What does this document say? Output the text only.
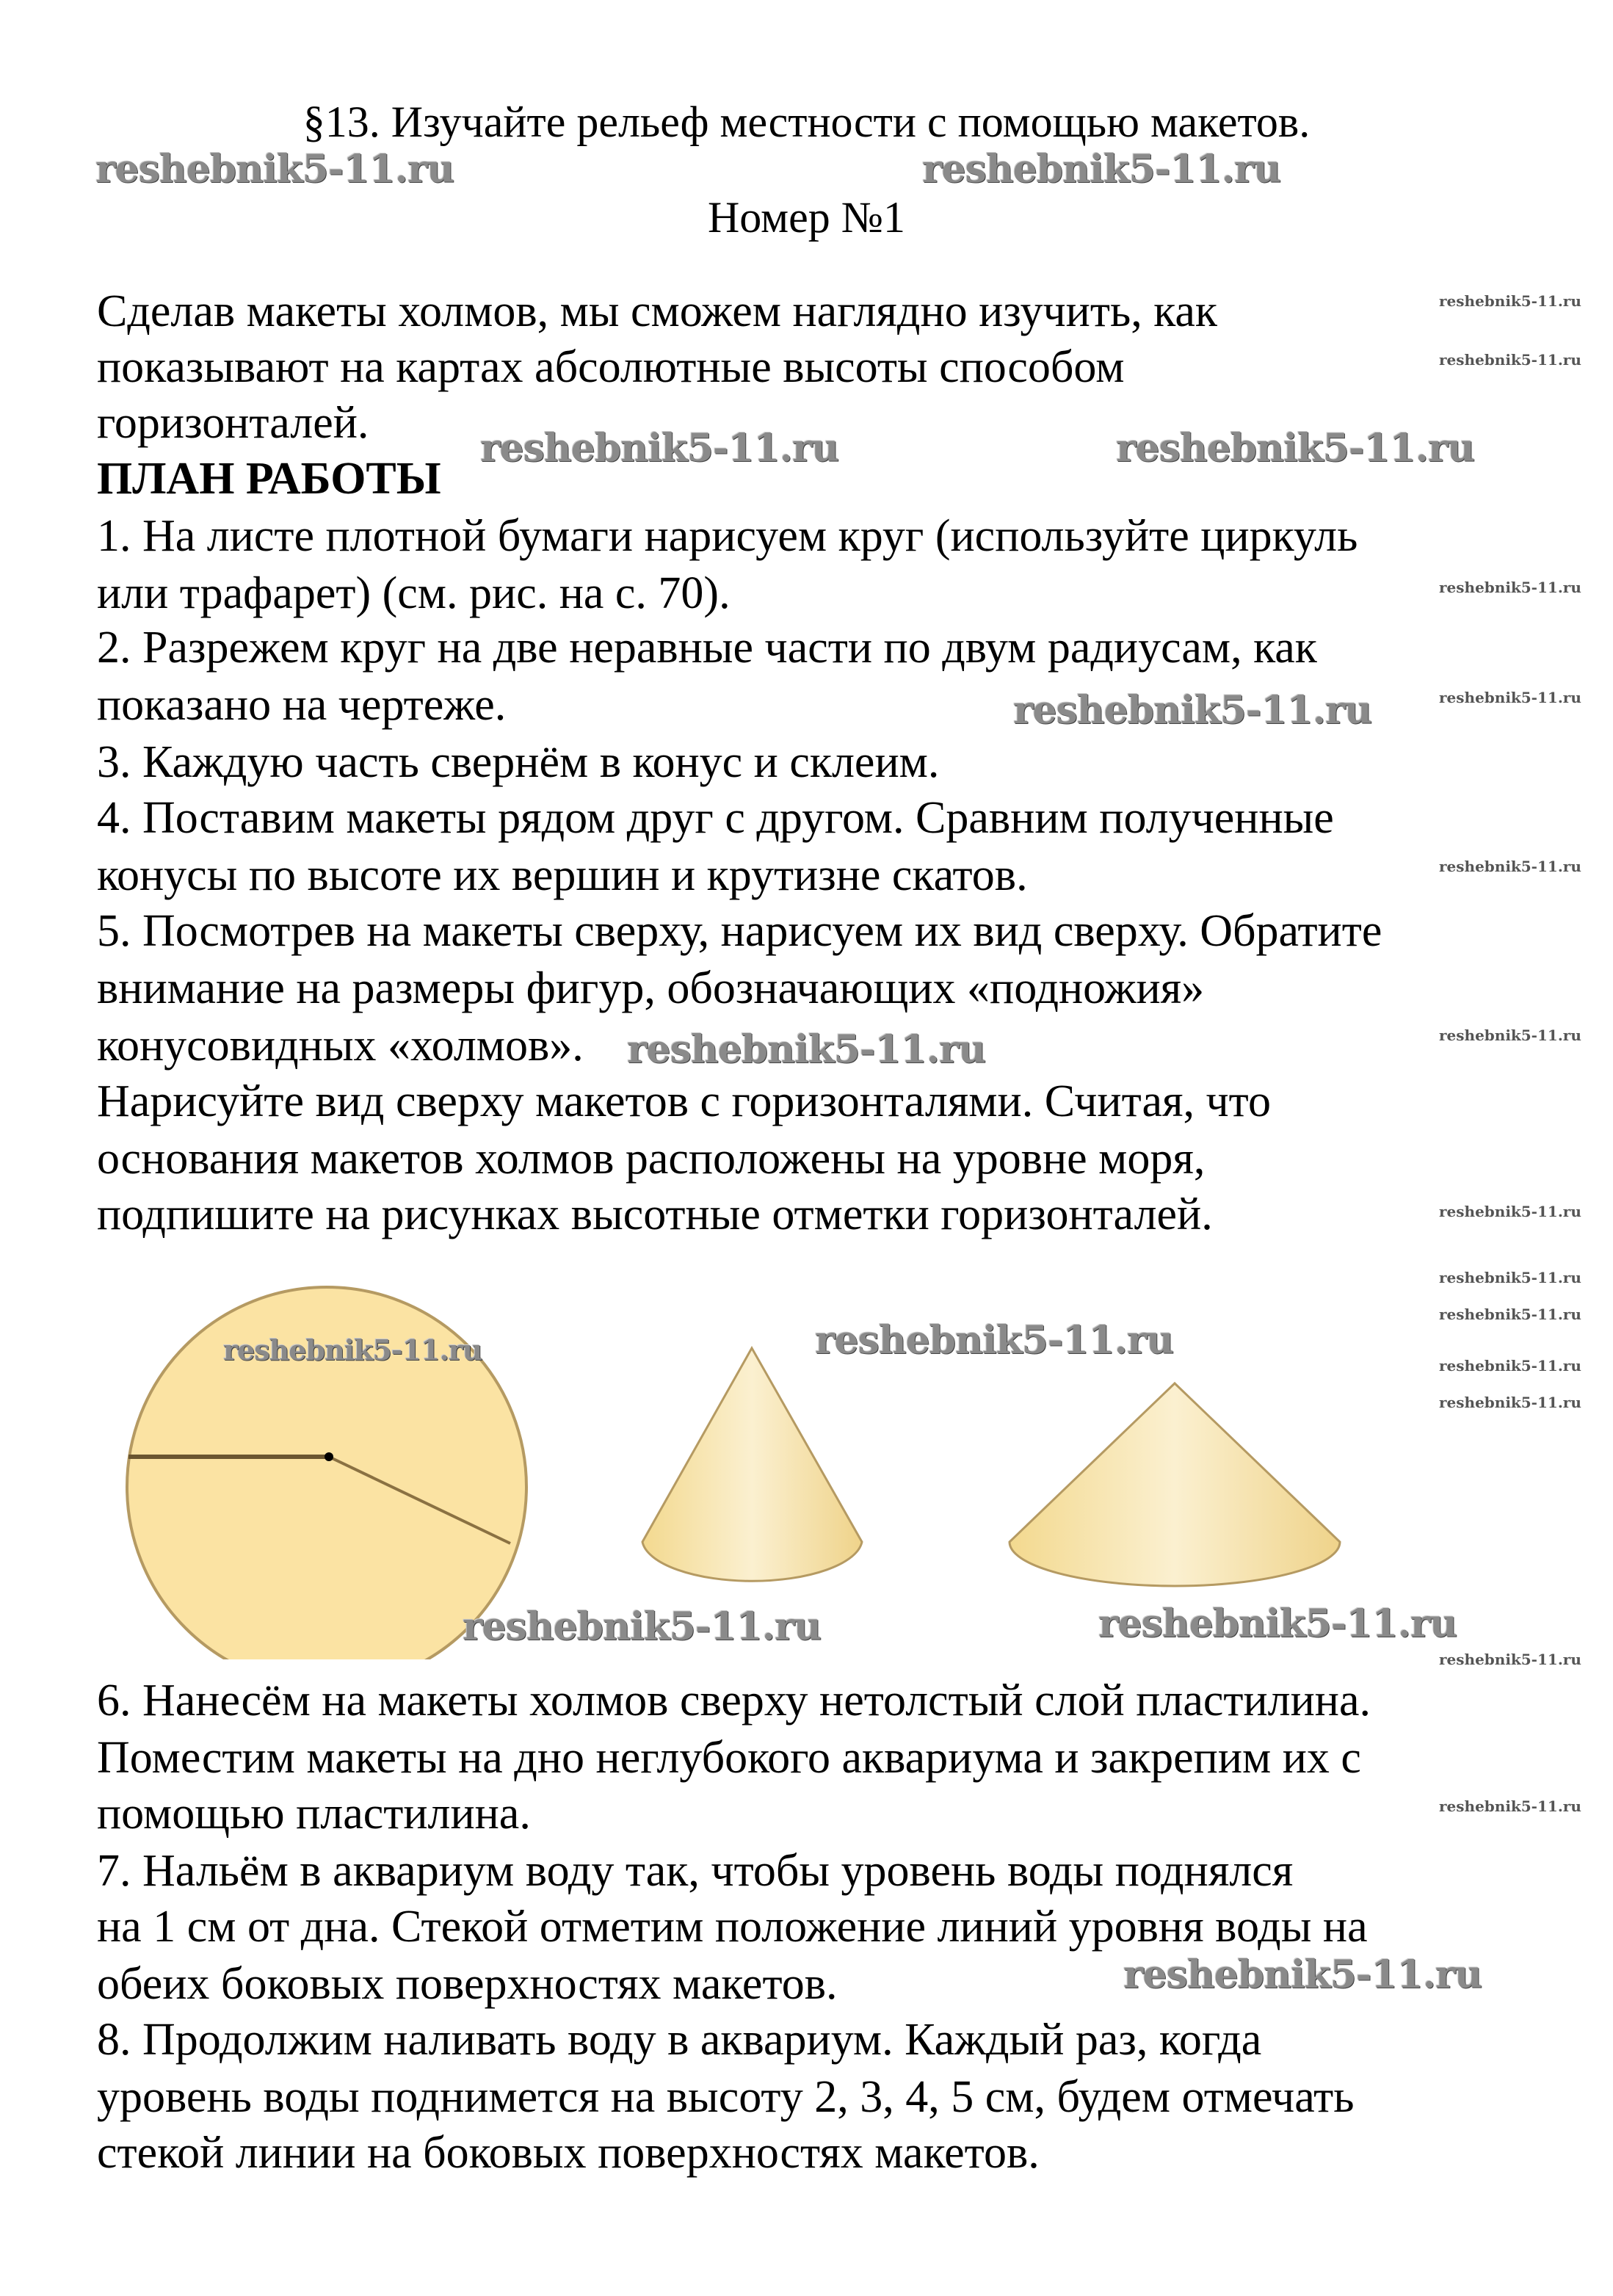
§13. Изучайте рельеф местности с помощью макетов.
Номер №1
Сделав макеты холмов, мы сможем наглядно изучить, как
показывают на картах абсолютные высоты способом
горизонталей.
ПЛАН РАБОТЫ
1. На листе плотной бумаги нарисуем круг (используйте циркуль
или трафарет) (см. рис. на с. 70).
2. Разрежем круг на две неравные части по двум радиусам, как
показано на чертеже.
3. Каждую часть свернём в конус и склеим.
4. Поставим макеты рядом друг с другом. Сравним полученные
конусы по высоте их вершин и крутизне скатов.
5. Посмотрев на макеты сверху, нарисуем их вид сверху. Обратите
внимание на размеры фигур, обозначающих «подножия»
конусовидных «холмов».
Нарисуйте вид сверху макетов с горизонталями. Считая, что
основания макетов холмов расположены на уровне моря,
подпишите на рисунках высотные отметки горизонталей.
6. Нанесём на макеты холмов сверху нетолстый слой пластилина.
Поместим макеты на дно неглубокого аквариума и закрепим их с
помощью пластилина.
7. Нальём в аквариум воду так, чтобы уровень воды поднялся
на 1 см от дна. Стекой отметим положение линий уровня воды на
обеих боковых поверхностях макетов.
8. Продолжим наливать воду в аквариум. Каждый раз, когда
уровень воды поднимется на высоту 2, 3, 4, 5 см, будем отмечать
стекой линии на боковых поверхностях макетов.
reshebnik5-11.ru	reshebnik5-11.ru
reshebnik5-11.ru	reshebnik5-11.ru
reshebnik5-11.ru
reshebnik5-11.ru
reshebnik5-11.ru
reshebnik5-11.ru
reshebnik5-11.ru	reshebnik5-11.ru
reshebnik5-11.ru
reshebnik5-11.ru
reshebnik5-11.ru
reshebnik5-11.ru
reshebnik5-11.ru
reshebnik5-11.ru
reshebnik5-11.ru
reshebnik5-11.ru
reshebnik5-11.ru
reshebnik5-11.ru
reshebnik5-11.ru
reshebnik5-11.ru
reshebnik5-11.ru
reshebnik5-11.ru
